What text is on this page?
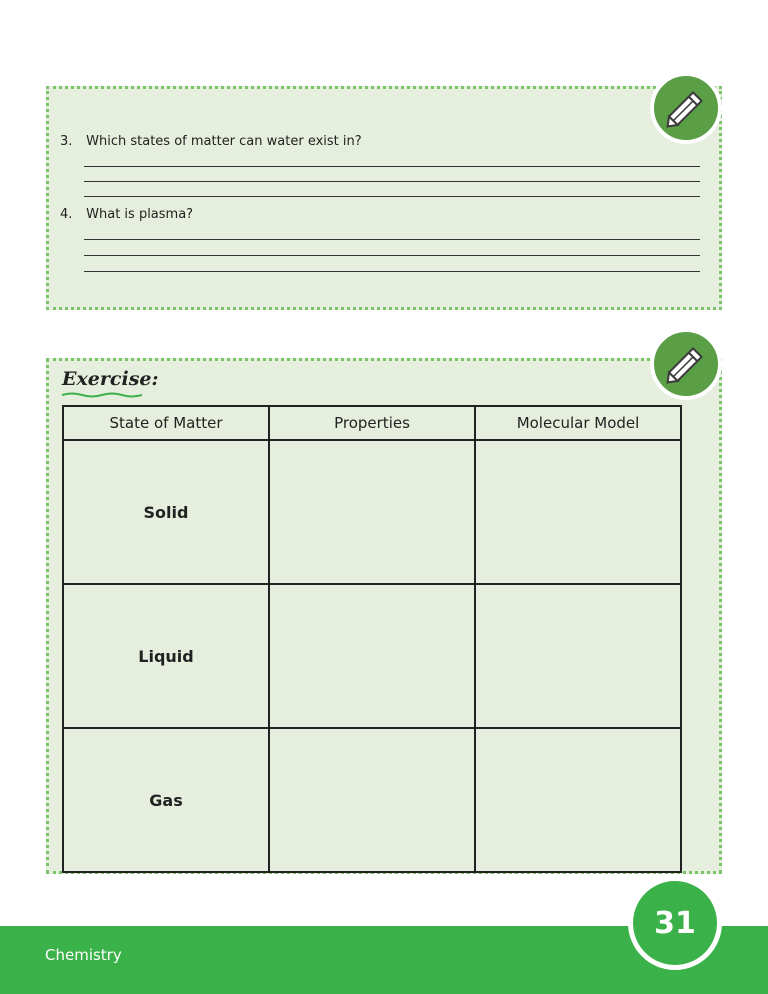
3. Which states of matter can water exist in?
4. What is plasma?
Exercise:
State of Matter	Properties	Molecular Model
Solid		
Liquid		
Gas		
Chemistry
31
